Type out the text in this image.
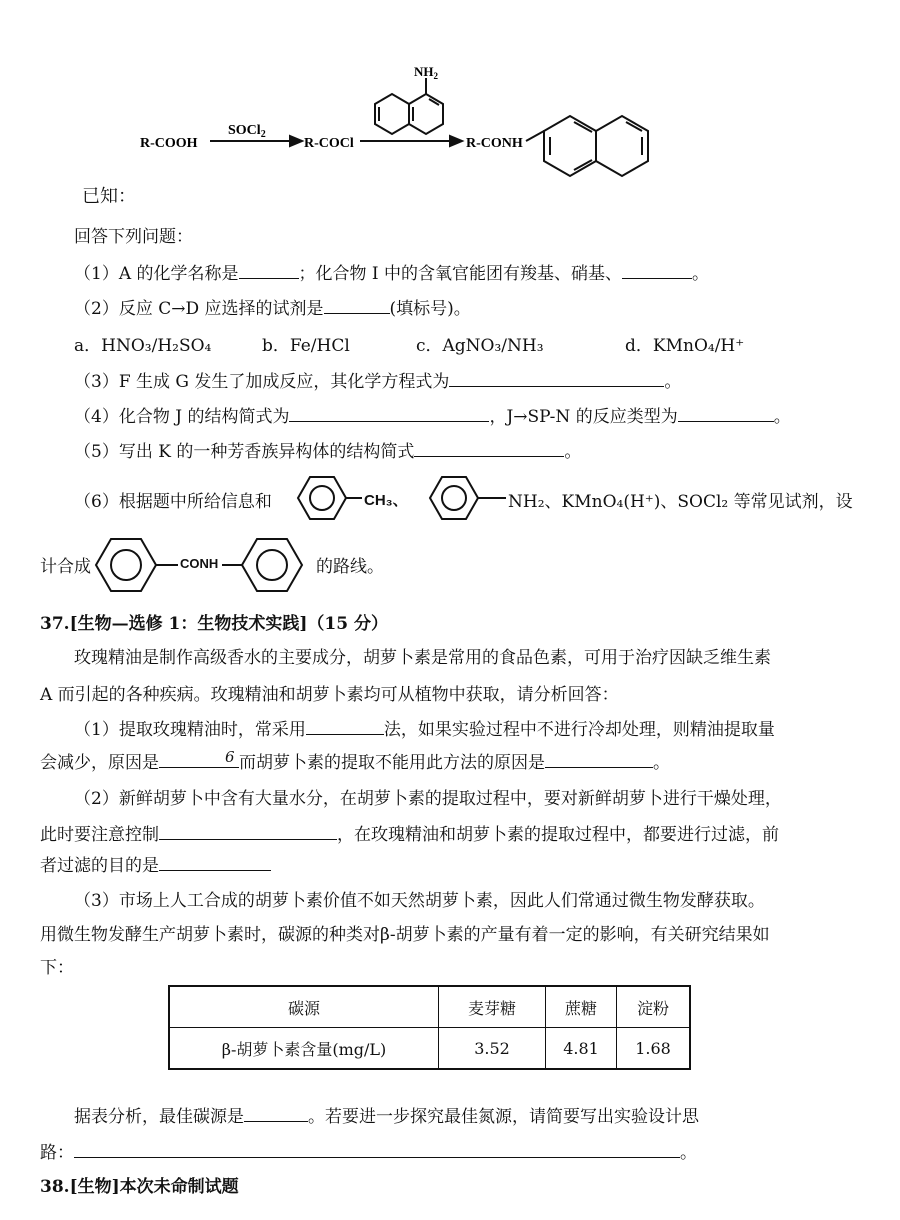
R-COOH
SOCl$_2$
R-COCl
$NH_2$
R-CONH
已知：
回答下列问题：
（1）A 的化学名称是	；化合物 I 中的含氧官能团有羧基、硝基、	。
（2）反应 C→D 应选择的试剂是	(填标号)。
a．HNO₃/H₂SO₄	b．Fe/HCl	c．AgNO₃/NH₃	d．KMnO₄/H⁺
（3）F 生成 G 发生了加成反应，其化学方程式为	。
（4）化合物 J 的结构简式为	，J→SP-N 的反应类型为	。
（5）写出 K 的一种芳香族异构体的结构简式	。
（6）根据题中所给信息和	CH₃、	NH₂、KMnO₄(H⁺)、SOCl₂ 等常见试剂，设
计合成	CONH	的路线。
37.[生物—选修 1：生物技术实践]（15 分）
玫瑰精油是制作高级香水的主要成分，胡萝卜素是常用的食品色素，可用于治疗因缺乏维生素
A 而引起的各种疾病。玫瑰精油和胡萝卜素均可从植物中获取，请分析回答：
（1）提取玫瑰精油时，常采用	法，如果实验过程中不进行冷却处理，则精油提取量
会减少，原因是	6 而胡萝卜素的提取不能用此方法的原因是	。
（2）新鲜胡萝卜中含有大量水分，在胡萝卜素的提取过程中，要对新鲜胡萝卜进行干燥处理，
此时要注意控制	，在玫瑰精油和胡萝卜素的提取过程中，都要进行过滤，前
者过滤的目的是
（3）市场上人工合成的胡萝卜素价值不如天然胡萝卜素，因此人们常通过微生物发酵获取。
用微生物发酵生产胡萝卜素时，碳源的种类对β-胡萝卜素的产量有着一定的影响，有关研究结果如
下：
碳源	麦芽糖	蔗糖	淀粉
β-胡萝卜素含量(mg/L)	3.52	4.81	1.68
据表分析，最佳碳源是	。若要进一步探究最佳氮源，请简要写出实验设计思
路：	。
38.[生物]本次未命制试题
